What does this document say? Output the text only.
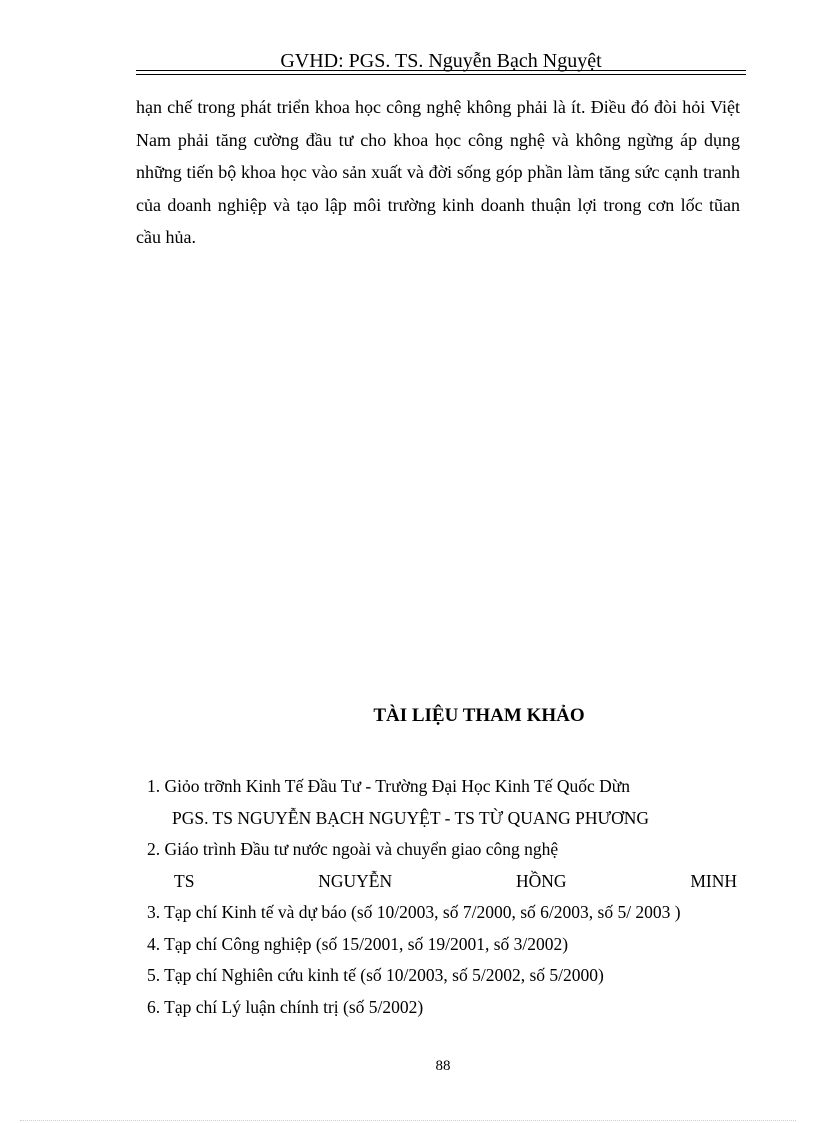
GVHD: PGS. TS. Nguyễn Bạch Nguyệt
hạn chế trong phát triển khoa học công nghệ không phải là ít. Điều đó đòi hỏi Việt Nam phải tăng cường đầu tư cho khoa học công nghệ và không ngừng áp dụng những tiến bộ khoa học vào sản xuất và đời sống góp phần làm tăng sức cạnh tranh của doanh nghiệp và tạo lập môi trường kinh doanh thuận lợi trong cơn lốc tũan cầu hủa.
TÀI LIỆU THAM KHẢO
1. Giỏo trỡnh Kinh Tế Đầu Tư - Trường Đại Học Kinh Tế Quốc Dừn
PGS. TS NGUYỄN BẠCH NGUYỆT - TS TỪ QUANG PHƯƠNG
2. Giáo trình Đầu tư nước ngoài và chuyển giao công nghệ
TS	NGUYỄN	HỒNG	MINH
3. Tạp chí Kinh tế và dự báo (số 10/2003, số 7/2000, số 6/2003, số 5/ 2003 )
4. Tạp chí Công nghiệp (số 15/2001, số 19/2001, số 3/2002)
5. Tạp chí Nghiên cứu kinh tế (số 10/2003, số 5/2002, số 5/2000)
6. Tạp chí Lý luận chính trị (số 5/2002)
88
